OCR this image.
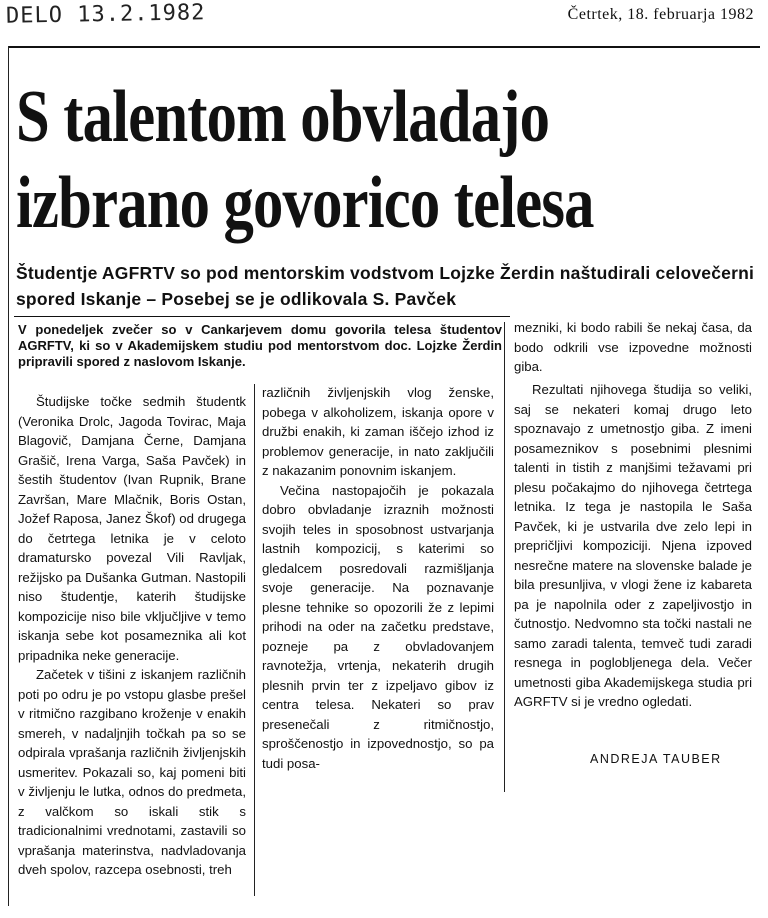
DELO 13.2.1982	Četrtek, 18. februarja 1982
S talentom obvladajo
izbrano govorico telesa

Študentje AGFRTV so pod mentorskim vodstvom Lojzke Žerdin naštudirali celovečerni spored Iskanje – Posebej se je odlikovala S. Pavček

V ponedeljek zvečer so v Cankarjevem domu govorila telesa študentov AGRFTV, ki so v Akademijskem studiu pod mentorstvom doc. Lojzke Žerdin pripravili spored z naslovom Iskanje.

Študijske točke sedmih študentk (Veronika Drolc, Jagoda Tovirac, Maja Blagovič, Damjana Černe, Damjana Grašič, Irena Varga, Saša Pavček) in šestih študentov (Ivan Rupnik, Brane Završan, Mare Mlačnik, Boris Ostan, Jožef Raposa, Janez Škof) od drugega do četrtega letnika je v celoto dramatursko povezal Vili Ravljak, režijsko pa Dušanka Gutman. Nastopili niso študentje, katerih študijske kompozicije niso bile vključljive v temo iskanja sebe kot posameznika ali kot pripadnika neke generacije.

Začetek v tišini z iskanjem različnih poti po odru je po vstopu glasbe prešel v ritmično razgibano kroženje v enakih smereh, v nadaljnjih točkah pa so se odpirala vprašanja različnih življenjskih usmeritev. Pokazali so, kaj pomeni biti v življenju le lutka, odnos do predmeta, z valčkom so iskali stik s tradicionalnimi vrednotami, zastavili so vprašanja materinstva, nadvladovanja dveh spolov, razcepa osebnosti, treh

različnih življenjskih vlog ženske, pobega v alkoholizem, iskanja opore v družbi enakih, ki zaman iščejo izhod iz problemov generacije, in nato zaključili z nakazanim ponovnim iskanjem.

Večina nastopajočih je pokazala dobro obvladanje izraznih možnosti svojih teles in sposobnost ustvarjanja lastnih kompozicij, s katerimi so gledalcem posredovali razmišljanja svoje generacije. Na poznavanje plesne tehnike so opozorili že z lepimi prihodi na oder na začetku predstave, pozneje pa z obvladovanjem ravnotežja, vrtenja, nekaterih drugih plesnih prvin ter z izpeljavo gibov iz centra telesa. Nekateri so prav presenečali z ritmičnostjo, sproščenostjo in izpovednostjo, so pa tudi posa-

mezniki, ki bodo rabili še nekaj časa, da bodo odkrili vse izpovedne možnosti giba.

Rezultati njihovega študija so veliki, saj se nekateri komaj drugo leto spoznavajo z umetnostjo giba. Z imeni posameznikov s posebnimi plesnimi talenti in tistih z manjšimi težavami pri plesu počakajmo do njihovega četrtega letnika. Iz tega je nastopila le Saša Pavček, ki je ustvarila dve zelo lepi in prepričljivi kompoziciji. Njena izpoved nesrečne matere na slovenske balade je bila presunljiva, v vlogi žene iz kabareta pa je napolnila oder z zapeljivostjo in čutnostjo. Nedvomno sta točki nastali ne samo zaradi talenta, temveč tudi zaradi resnega in poglobljenega dela. Večer umetnosti giba Akademijskega studia pri AGRFTV si je vredno ogledati.

ANDREJA TAUBER
